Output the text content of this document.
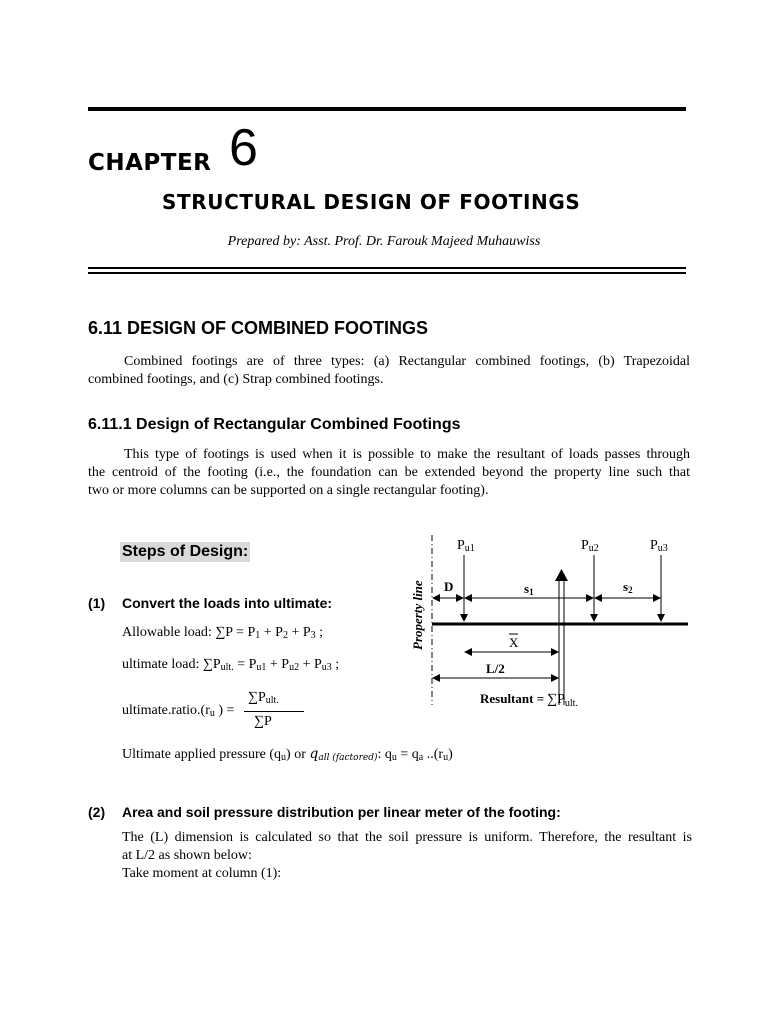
CHAPTER 6
STRUCTURAL DESIGN OF FOOTINGS
Prepared by: Asst. Prof. Dr. Farouk Majeed Muhauwiss
6.11 DESIGN OF COMBINED FOOTINGS
Combined footings are of three types: (a) Rectangular combined footings, (b) Trapezoidal
combined footings, and (c) Strap combined footings.
6.11.1 Design of Rectangular Combined Footings
This type of footings is used when it is possible to make the resultant of loads passes through
the centroid of the footing (i.e., the foundation can be extended beyond the property line such that
two or more columns can be supported on a single rectangular footing).
Steps of Design:
(1) Convert the loads into ultimate:
Allowable load: $\sum P = P_1 + P_2 + P_3$ ;
ultimate load: $\sum P_{ult.} = P_{u1} + P_{u2} + P_{u3}$ ;
$ultimate.ratio.(r_u$ ) =
$\sum P_{ult.}$
∑P
Ultimate applied pressure $(q_u)$ or $q_{all (factored)}$: $q_u = q_a$ $..(r_u)$
(2) Area and soil pressure distribution per linear meter of the footing:
The (L) dimension is calculated so that the soil pressure is uniform. Therefore, the resultant is
at L/2 as shown below:
Take moment at column (1):
Property line
Pu1	Pu2	Pu3
D	s1	s2
X
L/2
Resultant = $\sum P_{ult.}$
